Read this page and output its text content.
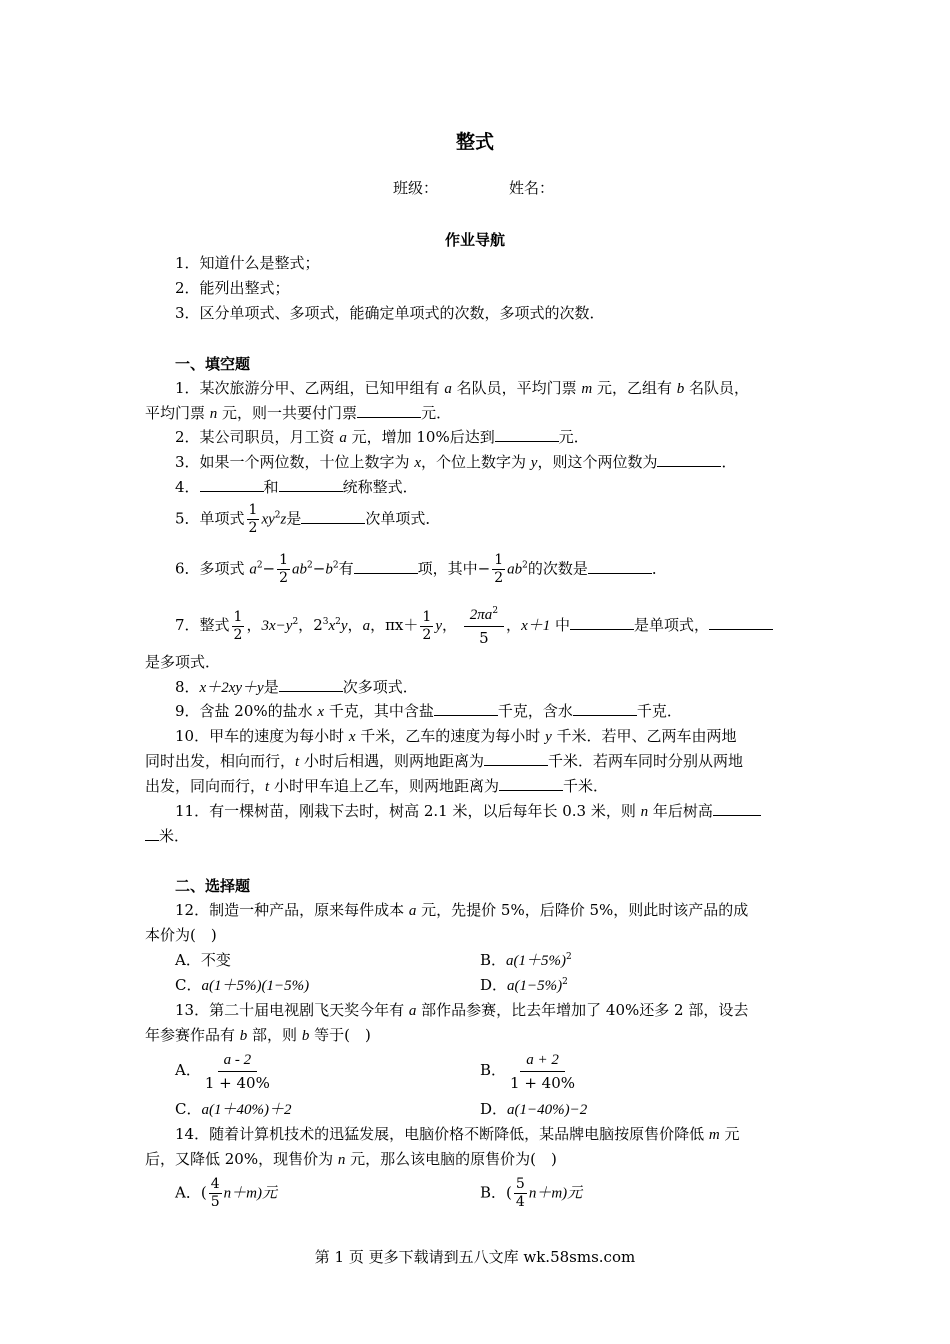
整式
班级：	姓名：
作业导航
1．知道什么是整式；
2．能列出整式；
3．区分单项式、多项式，能确定单项式的次数，多项式的次数．
一、填空题
1．某次旅游分甲、乙两组，已知甲组有 a 名队员，平均门票 m 元，乙组有 b 名队员，
平均门票 n 元，则一共要付门票	元．
2．某公司职员，月工资 a 元，增加 10%后达到	元．
3．如果一个两位数，十位上数字为 x，个位上数字为 y，则这个两位数为	．
4．	和	统称整式．
5．单项式 $\frac{1}{2} xy^2z$是	次单项式．
6．多项式 $a^2- \frac{1}{2} ab^2-b^2$有	项，其中− $\frac{1}{2} ab^2$的次数是	．
7．整式 $\frac{1}{2}$ ，$3x-y^2$，$2^3x^2y$，a，$\pi x+ \frac{1}{2}$ y， $\frac{2\pi a^2}{5}$ ，x＋1 中	是单项式，
是多项式．
8．x＋2xy＋y是	次多项式．
9．含盐 20%的盐水 x 千克，其中含盐	千克，含水	千克．
10．甲车的速度为每小时 x 千米，乙车的速度为每小时 y 千米．若甲、乙两车由两地
同时出发，相向而行，t 小时后相遇，则两地距离为	千米．若两车同时分别从两地
出发，同向而行，t 小时甲车追上乙车，则两地距离为	千米．
11．有一棵树苗，刚栽下去时，树高 2.1 米，以后每年长 0.3 米，则 n 年后树高
米．
二、选择题
12．制造一种产品，原来每件成本 a 元，先提价 5%，后降价 5%，则此时该产品的成
本价为(　)
A．不变	B．$a(1+5\%)^2$
C．a(1＋5%)(1−5%)	D．$a(1-5\%)^2$
13．第二十届电视剧飞天奖今年有 a 部作品参赛，比去年增加了 40%还多 2 部，设去
年参赛作品有 b 部，则 b 等于(　)
A． $\frac{a - 2}{1 + 40\%}$	B． $\frac{a + 2}{1 + 40\%}$
C．a(1＋40%)＋2	D．a(1−40%)−2
14．随着计算机技术的迅猛发展，电脑价格不断降低，某品牌电脑按原售价降低 m 元
后，又降低 20%，现售价为 n 元，那么该电脑的原售价为(　)
A．( $\frac{4}{5} n+m$)元	B．( $\frac{5}{4} n+m$)元
第 1 页 更多下载请到五八文库 wk.58sms.com
